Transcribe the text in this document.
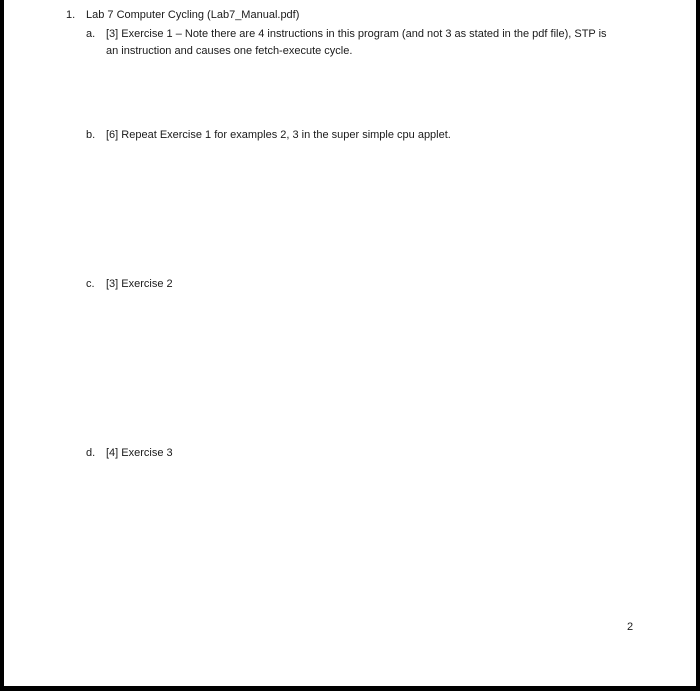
1. Lab 7 Computer Cycling (Lab7_Manual.pdf)
a. [3] Exercise 1 – Note there are 4 instructions in this program (and not 3 as stated in the pdf file), STP is
an instruction and causes one fetch-execute cycle.
b. [6] Repeat Exercise 1 for examples 2, 3 in the super simple cpu applet.
c. [3] Exercise 2
d. [4] Exercise 3
2
